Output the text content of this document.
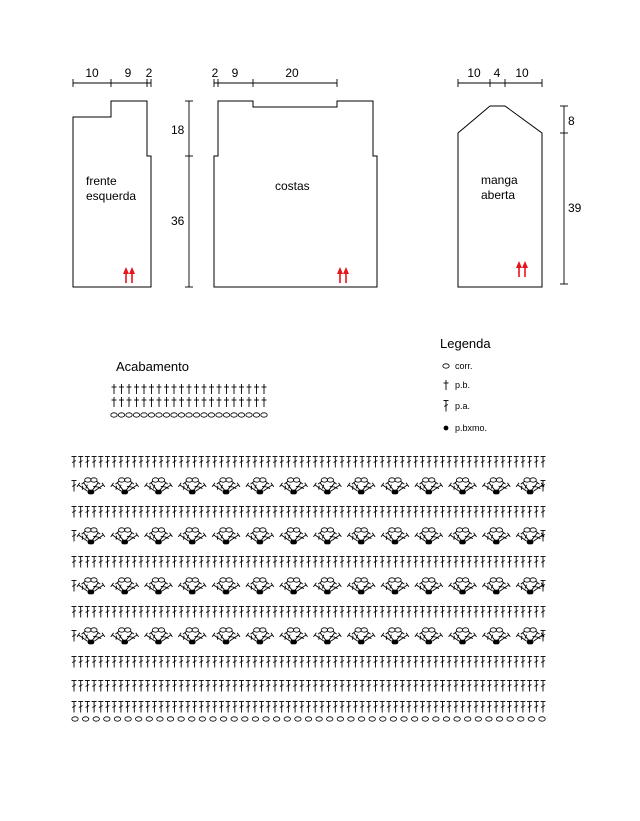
10 9 2
frente
esquerda
18
36
2 9	20
costas
10 4 10
manga
aberta
8
39
Legenda
corr.
p.b.
p.a.
p.bxmo.
Acabamento
